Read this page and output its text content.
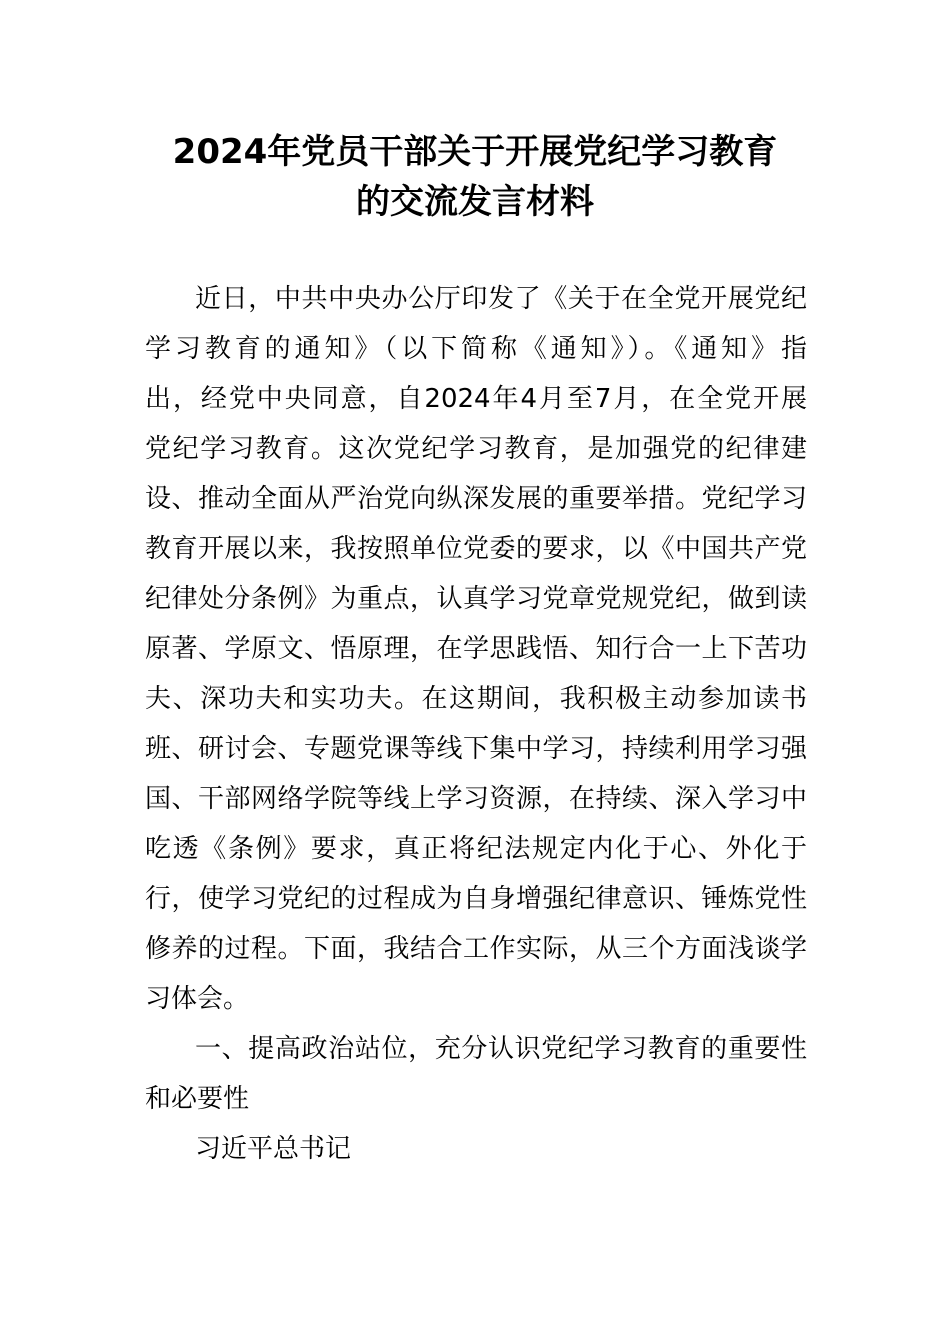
2024年党员干部关于开展党纪学习教育
的交流发言材料

近日，中共中央办公厅印发了《关于在全党开展党纪

学习教育的通知》（以下简称《通知》）。《通知》指

出，经党中央同意，自2024年4月至7月，在全党开展

党纪学习教育。这次党纪学习教育，是加强党的纪律建

设、推动全面从严治党向纵深发展的重要举措。党纪学习

教育开展以来，我按照单位党委的要求，以《中国共产党

纪律处分条例》为重点，认真学习党章党规党纪，做到读

原著、学原文、悟原理，在学思践悟、知行合一上下苦功

夫、深功夫和实功夫。在这期间，我积极主动参加读书

班、研讨会、专题党课等线下集中学习，持续利用学习强

国、干部网络学院等线上学习资源，在持续、深入学习中

吃透《条例》要求，真正将纪法规定内化于心、外化于

行，使学习党纪的过程成为自身增强纪律意识、锤炼党性

修养的过程。下面，我结合工作实际，从三个方面浅谈学

习体会。

一、提高政治站位，充分认识党纪学习教育的重要性

和必要性

习近平总书记
